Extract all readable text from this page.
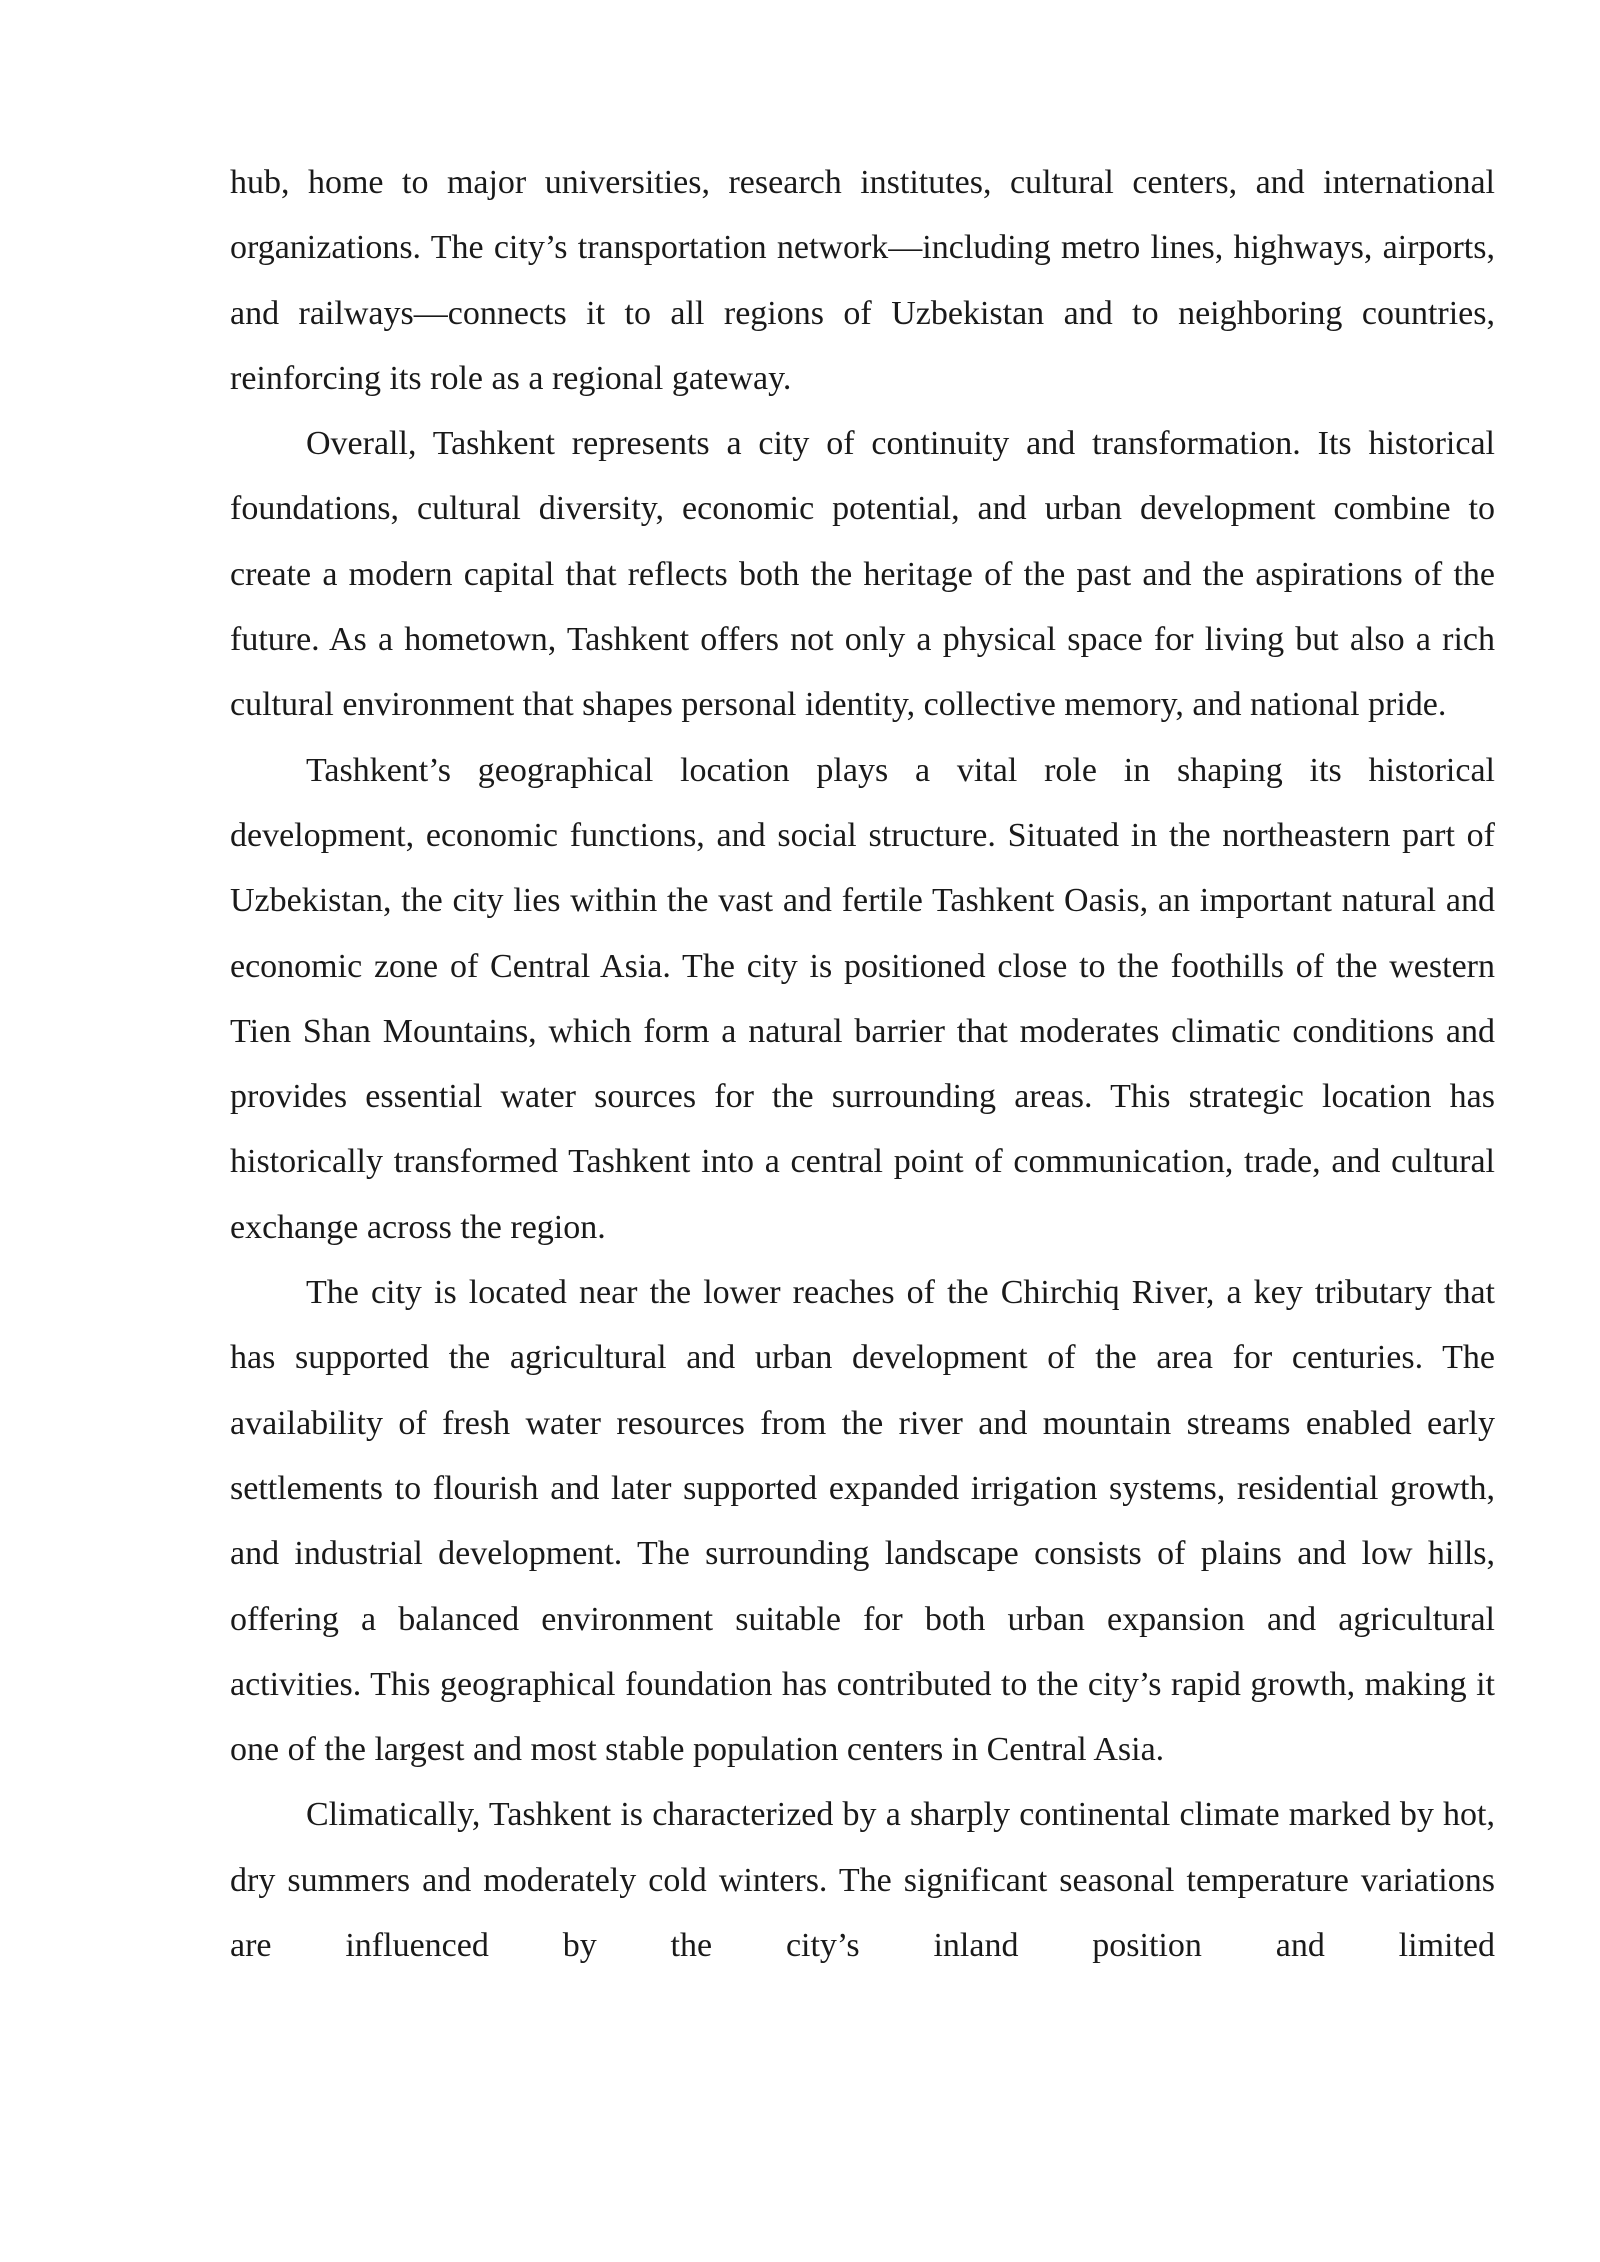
hub, home to major universities, research institutes, cultural centers, and international organizations. The city’s transportation network—including metro lines, highways, airports, and railways—connects it to all regions of Uzbekistan and to neighboring countries, reinforcing its role as a regional gateway.

Overall, Tashkent represents a city of continuity and transformation. Its historical foundations, cultural diversity, economic potential, and urban development combine to create a modern capital that reflects both the heritage of the past and the aspirations of the future. As a hometown, Tashkent offers not only a physical space for living but also a rich cultural environment that shapes personal identity, collective memory, and national pride.

Tashkent’s geographical location plays a vital role in shaping its historical development, economic functions, and social structure. Situated in the northeastern part of Uzbekistan, the city lies within the vast and fertile Tashkent Oasis, an important natural and economic zone of Central Asia. The city is positioned close to the foothills of the western Tien Shan Mountains, which form a natural barrier that moderates climatic conditions and provides essential water sources for the surrounding areas. This strategic location has historically transformed Tashkent into a central point of communication, trade, and cultural exchange across the region.

The city is located near the lower reaches of the Chirchiq River, a key tributary that has supported the agricultural and urban development of the area for centuries. The availability of fresh water resources from the river and mountain streams enabled early settlements to flourish and later supported expanded irrigation systems, residential growth, and industrial development. The surrounding landscape consists of plains and low hills, offering a balanced environment suitable for both urban expansion and agricultural activities. This geographical foundation has contributed to the city’s rapid growth, making it one of the largest and most stable population centers in Central Asia.

Climatically, Tashkent is characterized by a sharply continental climate marked by hot, dry summers and moderately cold winters. The significant seasonal temperature variations are influenced by the city’s inland position and limited
